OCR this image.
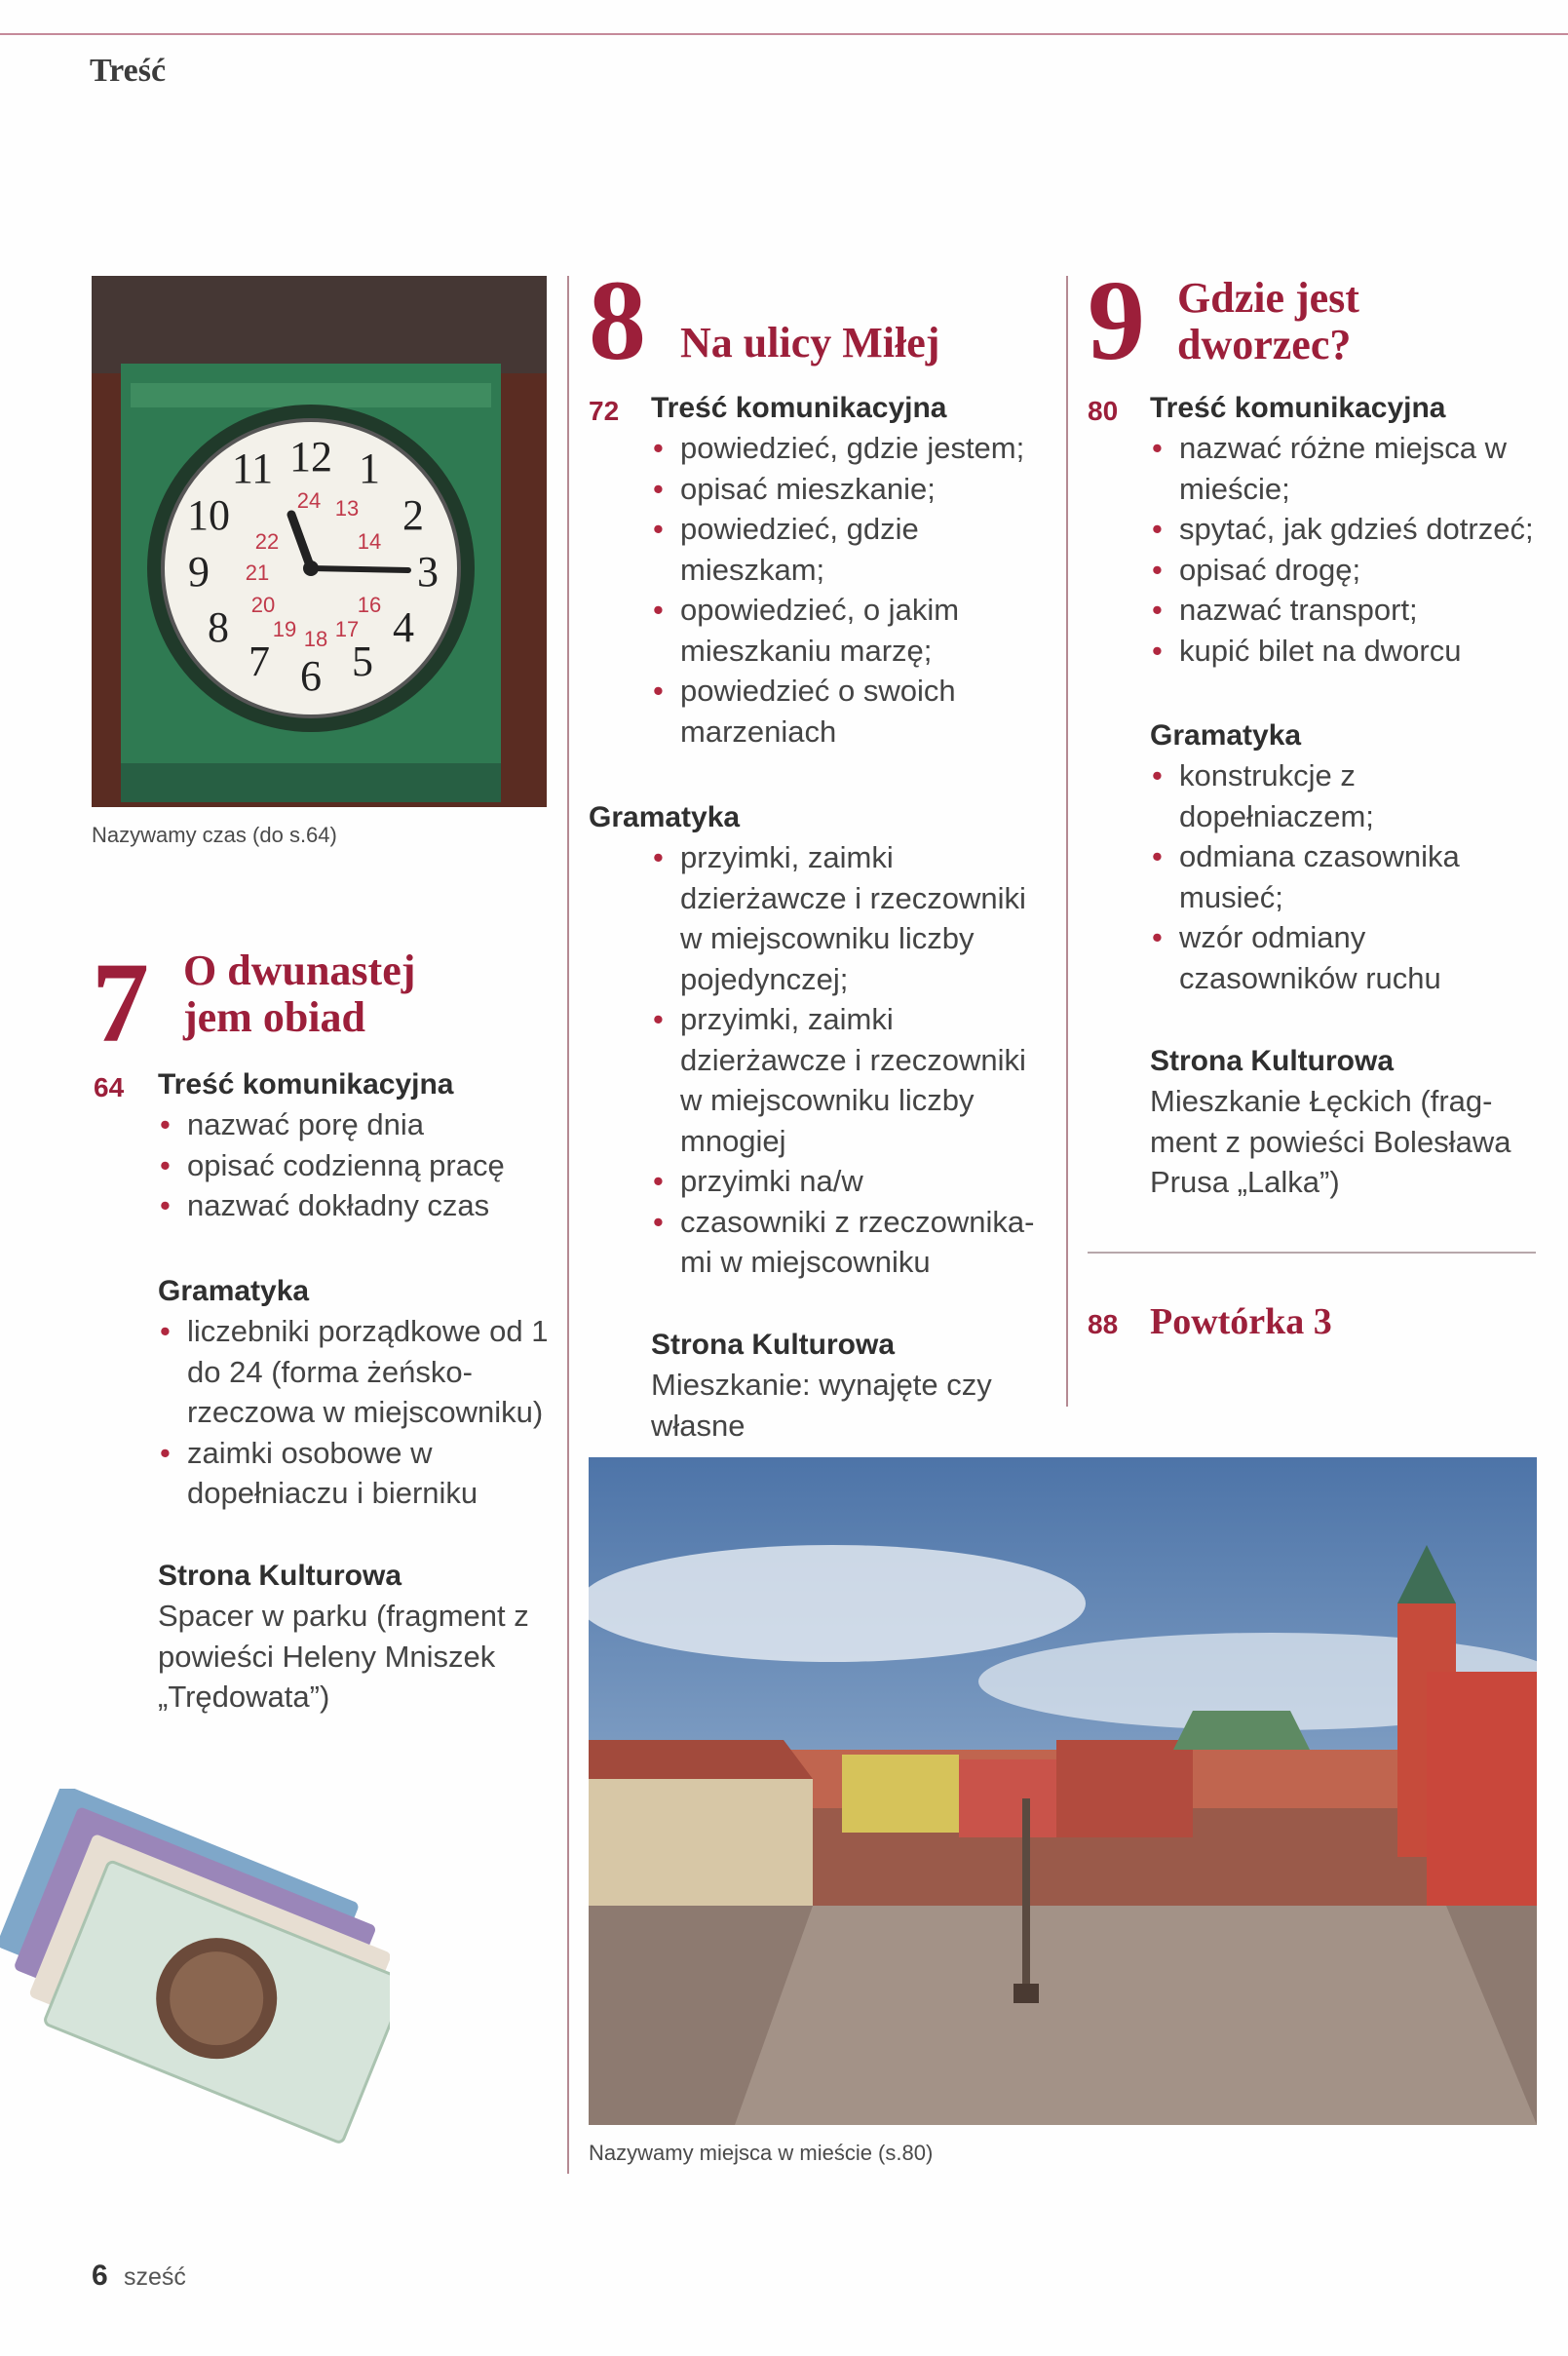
Treść
12 1
2
3
4
5
6
7
8
9
10
11
24 13
14
16
17
18
19
20
21
22
Nazywamy czas (do s.64)
7 O dwunastej
jem obiad
64 Treść komunikacyjna
• nazwać porę dnia
• opisać codzienną pracę
• nazwać dokładny czas
Gramatyka
• liczebniki porządkowe od 1 do 24 (forma żeńsko-rzeczowa w miejscowniku)
• zaimki osobowe w dopełniaczu i bierniku
Strona Kulturowa
Spacer w parku (fragment z powieści Heleny Mniszek „Trędowata”)
8 Na ulicy Miłej
72 Treść komunikacyjna
• powiedzieć, gdzie jestem;
• opisać mieszkanie;
• powiedzieć, gdzie mieszkam;
• opowiedzieć, o jakim mieszkaniu marzę;
• powiedzieć o swoich marzeniach
Gramatyka
• przyimki, zaimki dzierżawcze i rzeczowniki w miejscowniku liczby pojedynczej;
• przyimki, zaimki dzierżawcze i rzeczowniki w miejscowniku liczby mnogiej
• przyimki na/w
• czasowniki z rzeczownika-mi w miejscowniku
Strona Kulturowa
Mieszkanie: wynajęte czy własne
9 Gdzie jest
dworzec?
80 Treść komunikacyjna
• nazwać różne miejsca w mieście;
• spytać, jak gdzieś dotrzeć;
• opisać drogę;
• nazwać transport;
• kupić bilet na dworcu
Gramatyka
• konstrukcje z dopełniaczem;
• odmiana czasownika musieć;
• wzór odmiany czasowników ruchu
Strona Kulturowa
Mieszkanie Łęckich (frag-ment z powieści Bolesława Prusa „Lalka”)
88 Powtórka 3
Nazywamy miejsca w mieście (s.80)
6 sześć
